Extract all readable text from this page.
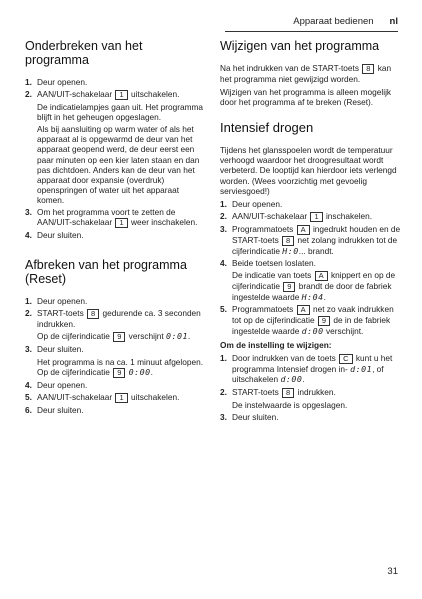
Apparaat bedienen nl
Onderbreken van het programma
1. Deur openen.
2. AAN/UIT-schakelaar 1 uitschakelen.
De indicatielampjes gaan uit. Het programma blijft in het geheugen opgeslagen.
Als bij aansluiting op warm water of als het apparaat al is opgewarmd de deur van het apparaat geopend werd, de deur eerst een paar minuten op een kier laten staan en dan pas dichtdoen. Anders kan de deur van het apparaat door expansie (overdruk) openspringen of water uit het apparaat komen.
3. Om het programma voort te zetten de AAN/UIT-schakelaar 1 weer inschakelen.
4. Deur sluiten.
Afbreken van het programma (Reset)
1. Deur openen.
2. START-toets 8 gedurende ca. 3 seconden indrukken.
Op de cijferindicatie 9 verschijnt 0:01.
3. Deur sluiten.
Het programma is na ca. 1 minuut afgelopen. Op de cijferindicatie 9 0:00.
4. Deur openen.
5. AAN/UIT-schakelaar 1 uitschakelen.
6. Deur sluiten.
Wijzigen van het programma

Na het indrukken van de START-toets 8 kan het programma niet gewijzigd worden.

Wijzigen van het programma is alleen mogelijk door het programma af te breken (Reset).

Intensief drogen

Tijdens het glansspoelen wordt de temperatuur verhoogd waardoor het droogresultaat wordt verbeterd. De looptijd kan hierdoor iets verlengd worden. (Wees voorzichtig met gevoelig serviesgoed!)

1. Deur openen.
2. AAN/UIT-schakelaar 1 inschakelen.
3. Programmatoets A ingedrukt houden en de START-toets 8 net zolang indrukken tot de cijferindicatie H:0... brandt.
4. Beide toetsen loslaten.
De indicatie van toets A knippert en op de cijferindicatie 9 brandt de door de fabriek ingestelde waarde H:04.
5. Programmatoets A net zo vaak indrukken tot op de cijferindicatie 9 de in de fabriek ingestelde waarde d:00 verschijnt.
Om de instelling te wijzigen:
1. Door indrukken van de toets C kunt u het programma Intensief drogen in- d:01, of uitschakelen d:00.
2. START-toets 8 indrukken.
De instelwaarde is opgeslagen.
3. Deur sluiten.
31
